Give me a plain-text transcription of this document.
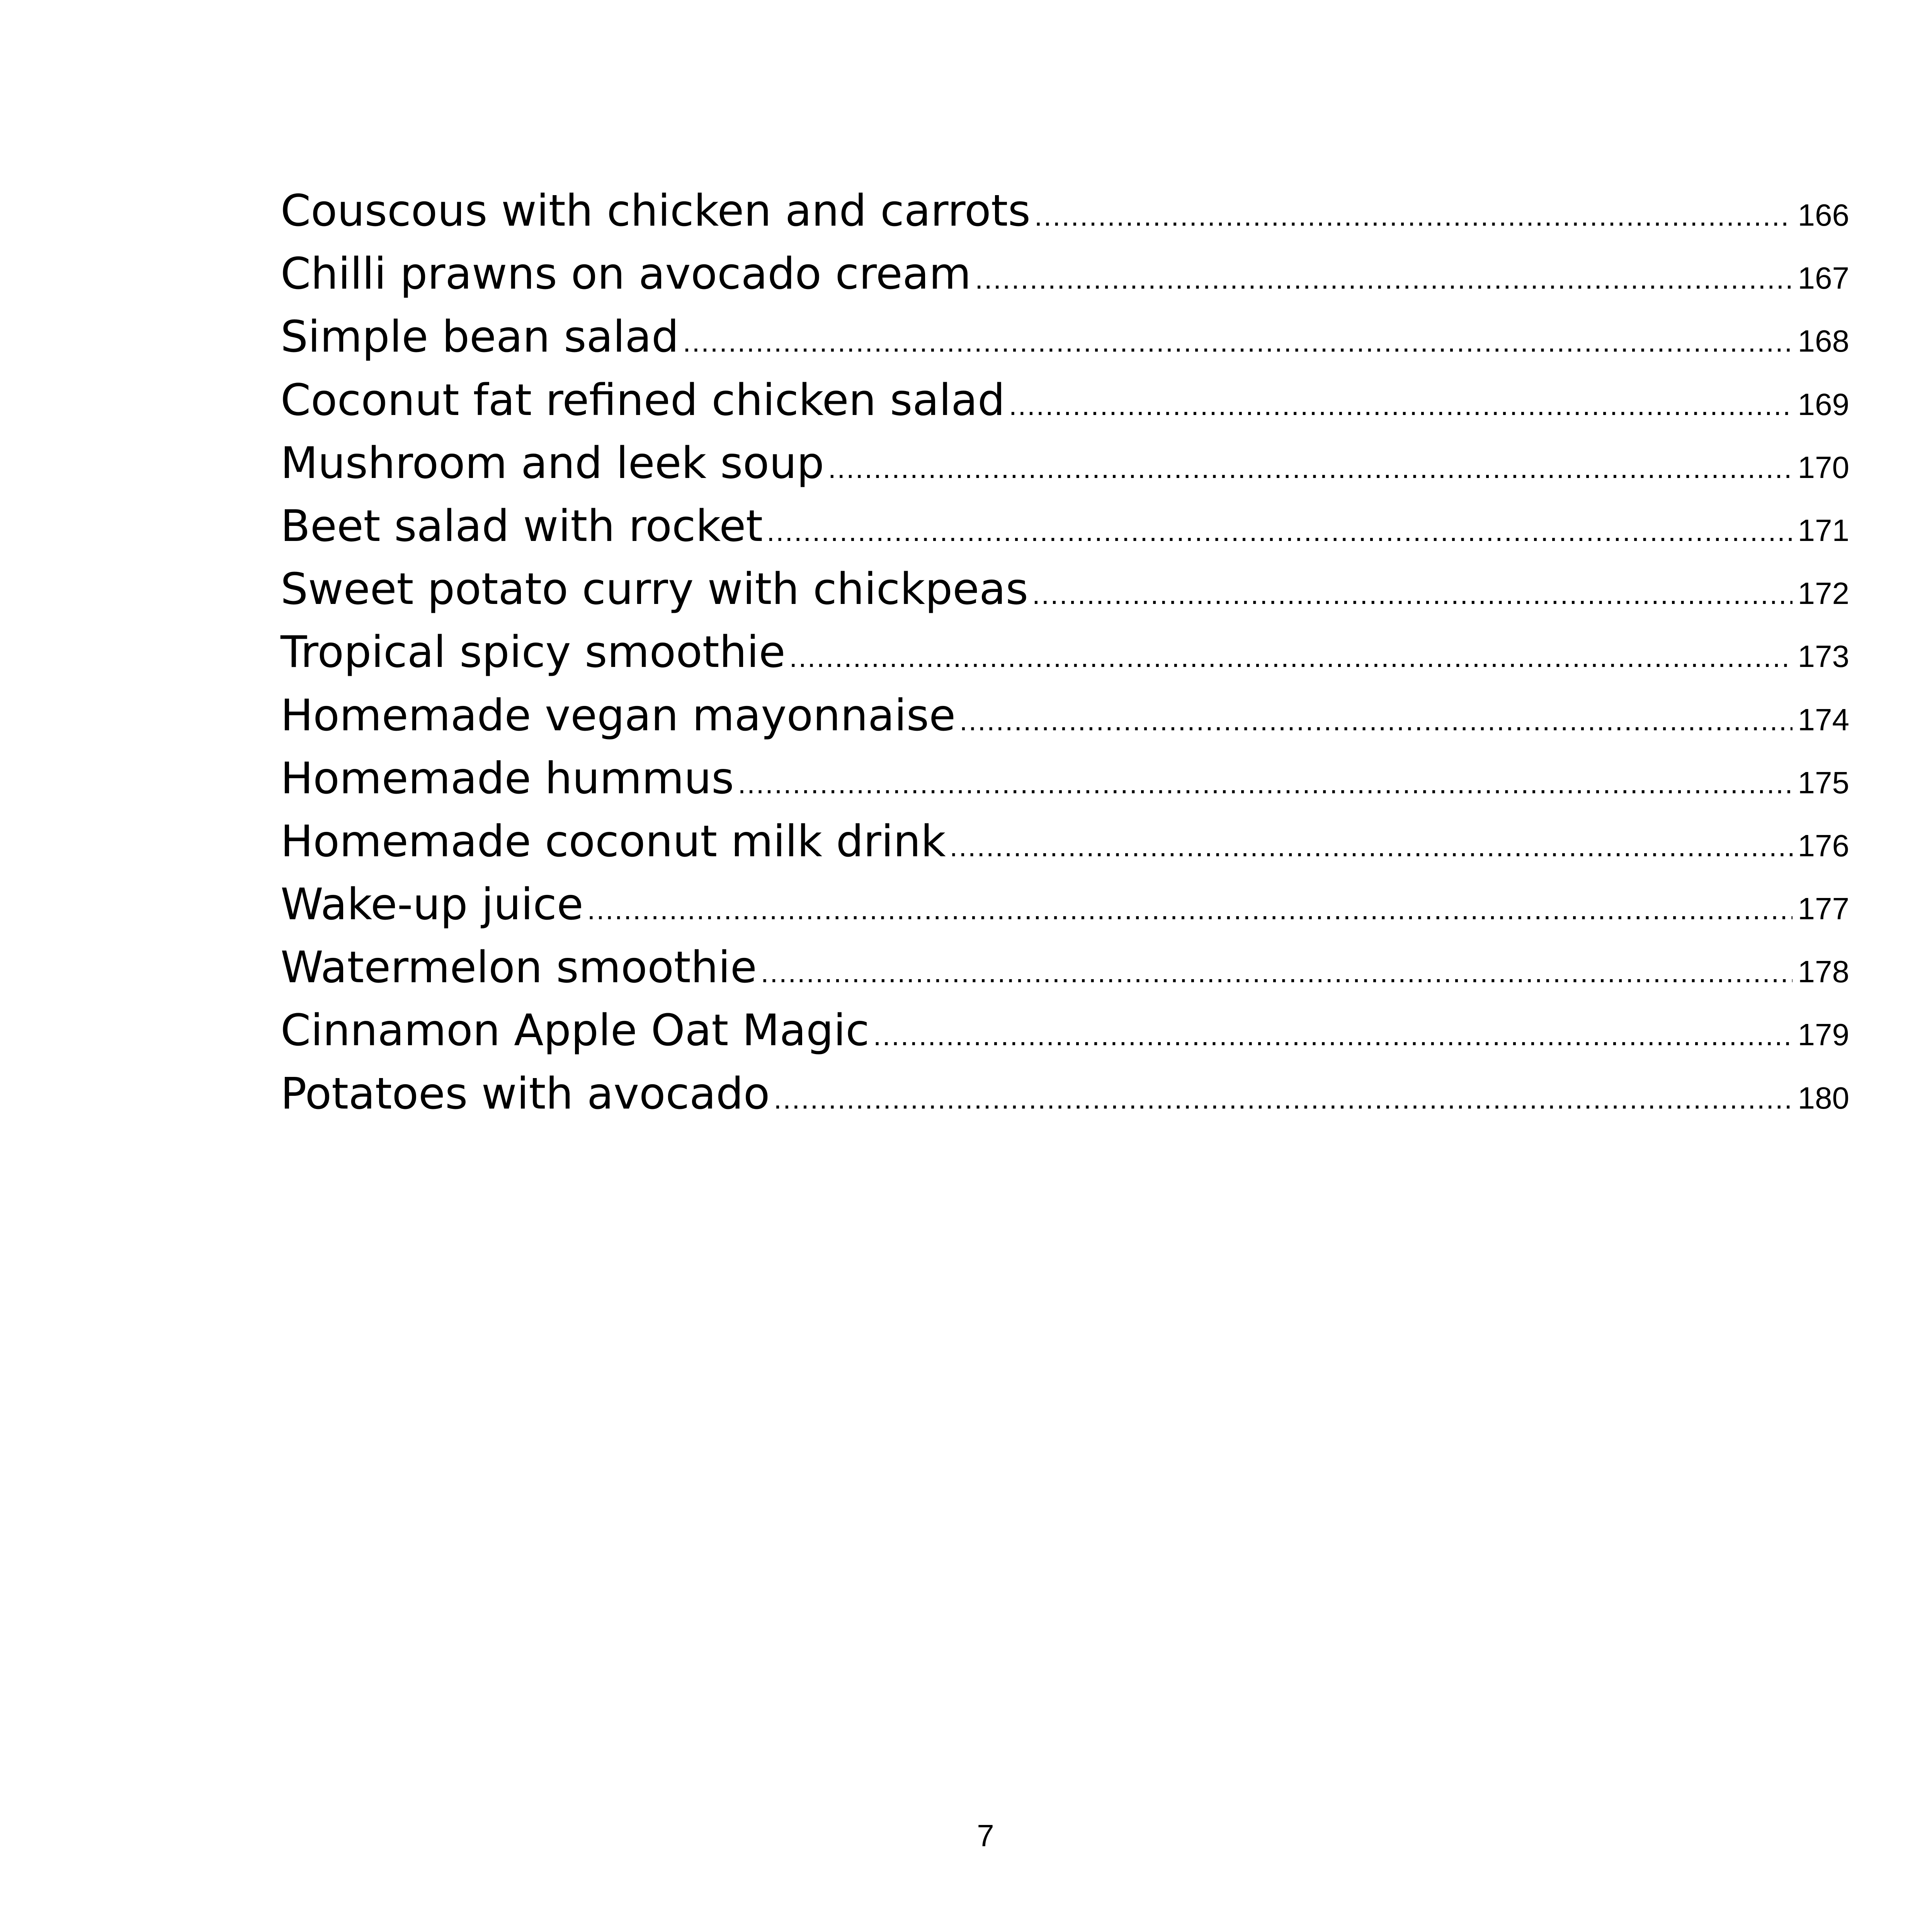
Couscous with chicken and carrots .....	166
Chilli prawns on avocado cream .....	167
Simple bean salad .....	168
Coconut fat refined chicken salad .....	169
Mushroom and leek soup .....	170
Beet salad with rocket .....	171
Sweet potato curry with chickpeas .....	172
Tropical spicy smoothie .....	173
Homemade vegan mayonnaise .....	174
Homemade hummus .....	175
Homemade coconut milk drink .....	176
Wake-up juice .....	177
Watermelon smoothie .....	178
Cinnamon Apple Oat Magic .....	179
Potatoes with avocado .....	180
7
